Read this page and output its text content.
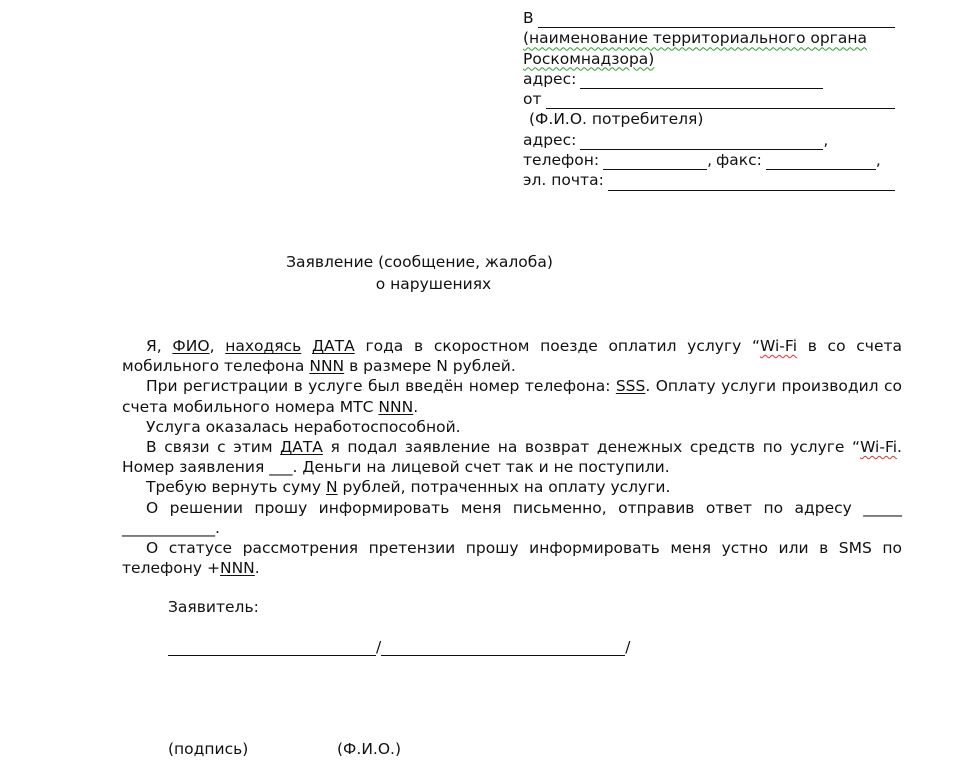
В
(наименование территориального органа
Роскомнадзора)
адрес:
от
(Ф.И.О. потребителя)
адрес:	,
телефон:	, факс:	,
эл. почта:
Заявление (сообщение, жалоба)
о нарушениях
Я, ФИО, находясь ДАТА года в скоростном поезде оплатил услугу “Wi-Fi в со счета мобильного телефона NNN в размере N рублей.
При регистрации в услуге был введён номер телефона: SSS. Оплату услуги производил со счета мобильного номера МТС NNN.
Услуга оказалась неработоспособной.
В связи с этим ДАТА я подал заявление на возврат денежных средств по услуге “Wi-Fi. Номер заявления ___. Деньги на лицевой счет так и не поступили.
Требую вернуть суму N рублей, потраченных на оплату услуги.
О решении прошу информировать меня письменно, отправив ответ по адресу _____ ____________.
О статусе рассмотрения претензии прошу информировать меня устно или в SMS по телефону +NNN.
Заявитель:
/	/
(подпись)	(Ф.И.О.)
